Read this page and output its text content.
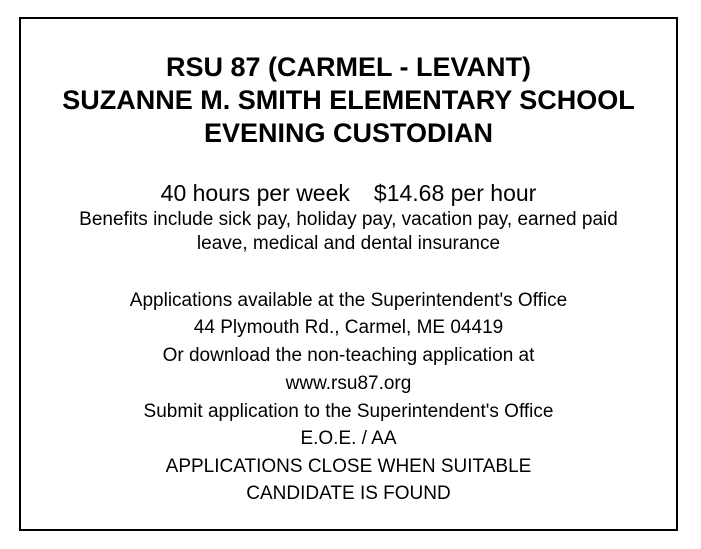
RSU 87 (CARMEL - LEVANT)
SUZANNE M. SMITH ELEMENTARY SCHOOL
EVENING CUSTODIAN
40 hours per week $14.68 per hour
Benefits include sick pay, holiday pay, vacation pay, earned paid
leave, medical and dental insurance
Applications available at the Superintendent's Office
44 Plymouth Rd., Carmel, ME 04419
Or download the non-teaching application at
www.rsu87.org
Submit application to the Superintendent's Office
E.O.E. / AA
APPLICATIONS CLOSE WHEN SUITABLE
CANDIDATE IS FOUND
